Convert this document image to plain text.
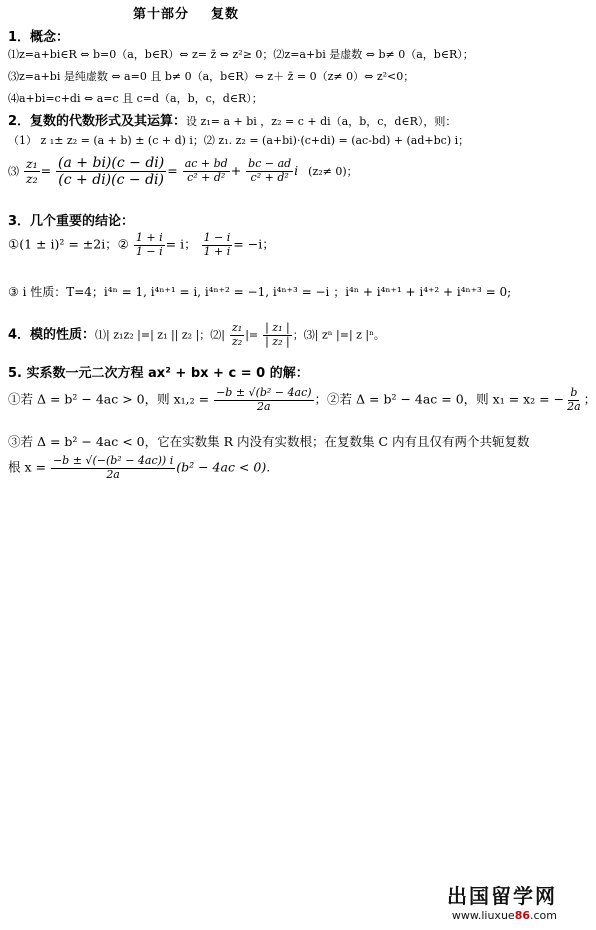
第十部分 复数
1．概念：
⑴z=a+bi∈R ⇔ b=0（a，b∈R）⇔ z= z̄ ⇔ z²≥ 0；⑵z=a+bi 是虚数 ⇔ b≠ 0（a，b∈R）；
⑶z=a+bi 是纯虚数 ⇔ a=0 且 b≠ 0（a，b∈R）⇔ z＋ z̄ = 0（z≠ 0）⇔ z²<0；
⑷a+bi=c+di ⇔ a=c 且 c=d（a，b，c，d∈R）；
2．复数的代数形式及其运算：设 z₁= a + bi ，z₂ = c + di（a，b，c，d∈R），则：
（1） z ₁± z₂ = (a + b) ± (c + d) i；⑵ z₁. z₂ = (a+bi)·(c+di) = (ac-bd) + (ad+bc) i；
⑶ $\frac{\text{z₁}}{\text{z₂}} = \frac{(a + bi)(c - di)}{(c + di)(c - di)} = \frac{ac + bd}{\text{c² + d²}} + \frac{bc - ad}{\text{c² + d²}}$ i (z₂≠ 0)；
3．几个重要的结论：
①(1 ± i)² = ±2i；② $\frac{1 + i}{1 - i} = i$； $\frac{1 - i}{1 + i} = -i$；
③ i 性质：T=4；i⁴ⁿ = 1, i⁴ⁿ⁺¹ = i, i⁴ⁿ⁺² = −1, i⁴ⁿ⁺³ = −i ；i⁴ⁿ + i⁴ⁿ⁺¹ + i⁴⁺² + i⁴ⁿ⁺³ = 0;
4．模的性质：⑴| z₁z₂ |=| z₁ || z₂ |；⑵| $\frac{\text{z₁}}{\text{z₂}}$ |= $\frac{\text{| z₁ |}}{\text{| z₂ |}}$ ；⑶| zⁿ |=| z |ⁿ。
5. 实系数一元二次方程 ax² + bx + c = 0 的解：
①若 Δ = b² − 4ac > 0，则 $x_1,_2 = \frac{\text{−b ± √(b² − 4ac)}}{2a}$ ；②若 Δ = b² − 4ac = 0，则 x₁ = x₂ = − $\frac{b}{2a}$ ；
③若 Δ = b² − 4ac < 0，它在实数集 R 内没有实数根；在复数集 C 内有且仅有两个共轭复数
根 $x = \frac{\text{−b ± √(−(b² − 4ac)) i}}{2a} (b^2 - 4ac < 0)$.
出国留学网
www.liuxue86.com
